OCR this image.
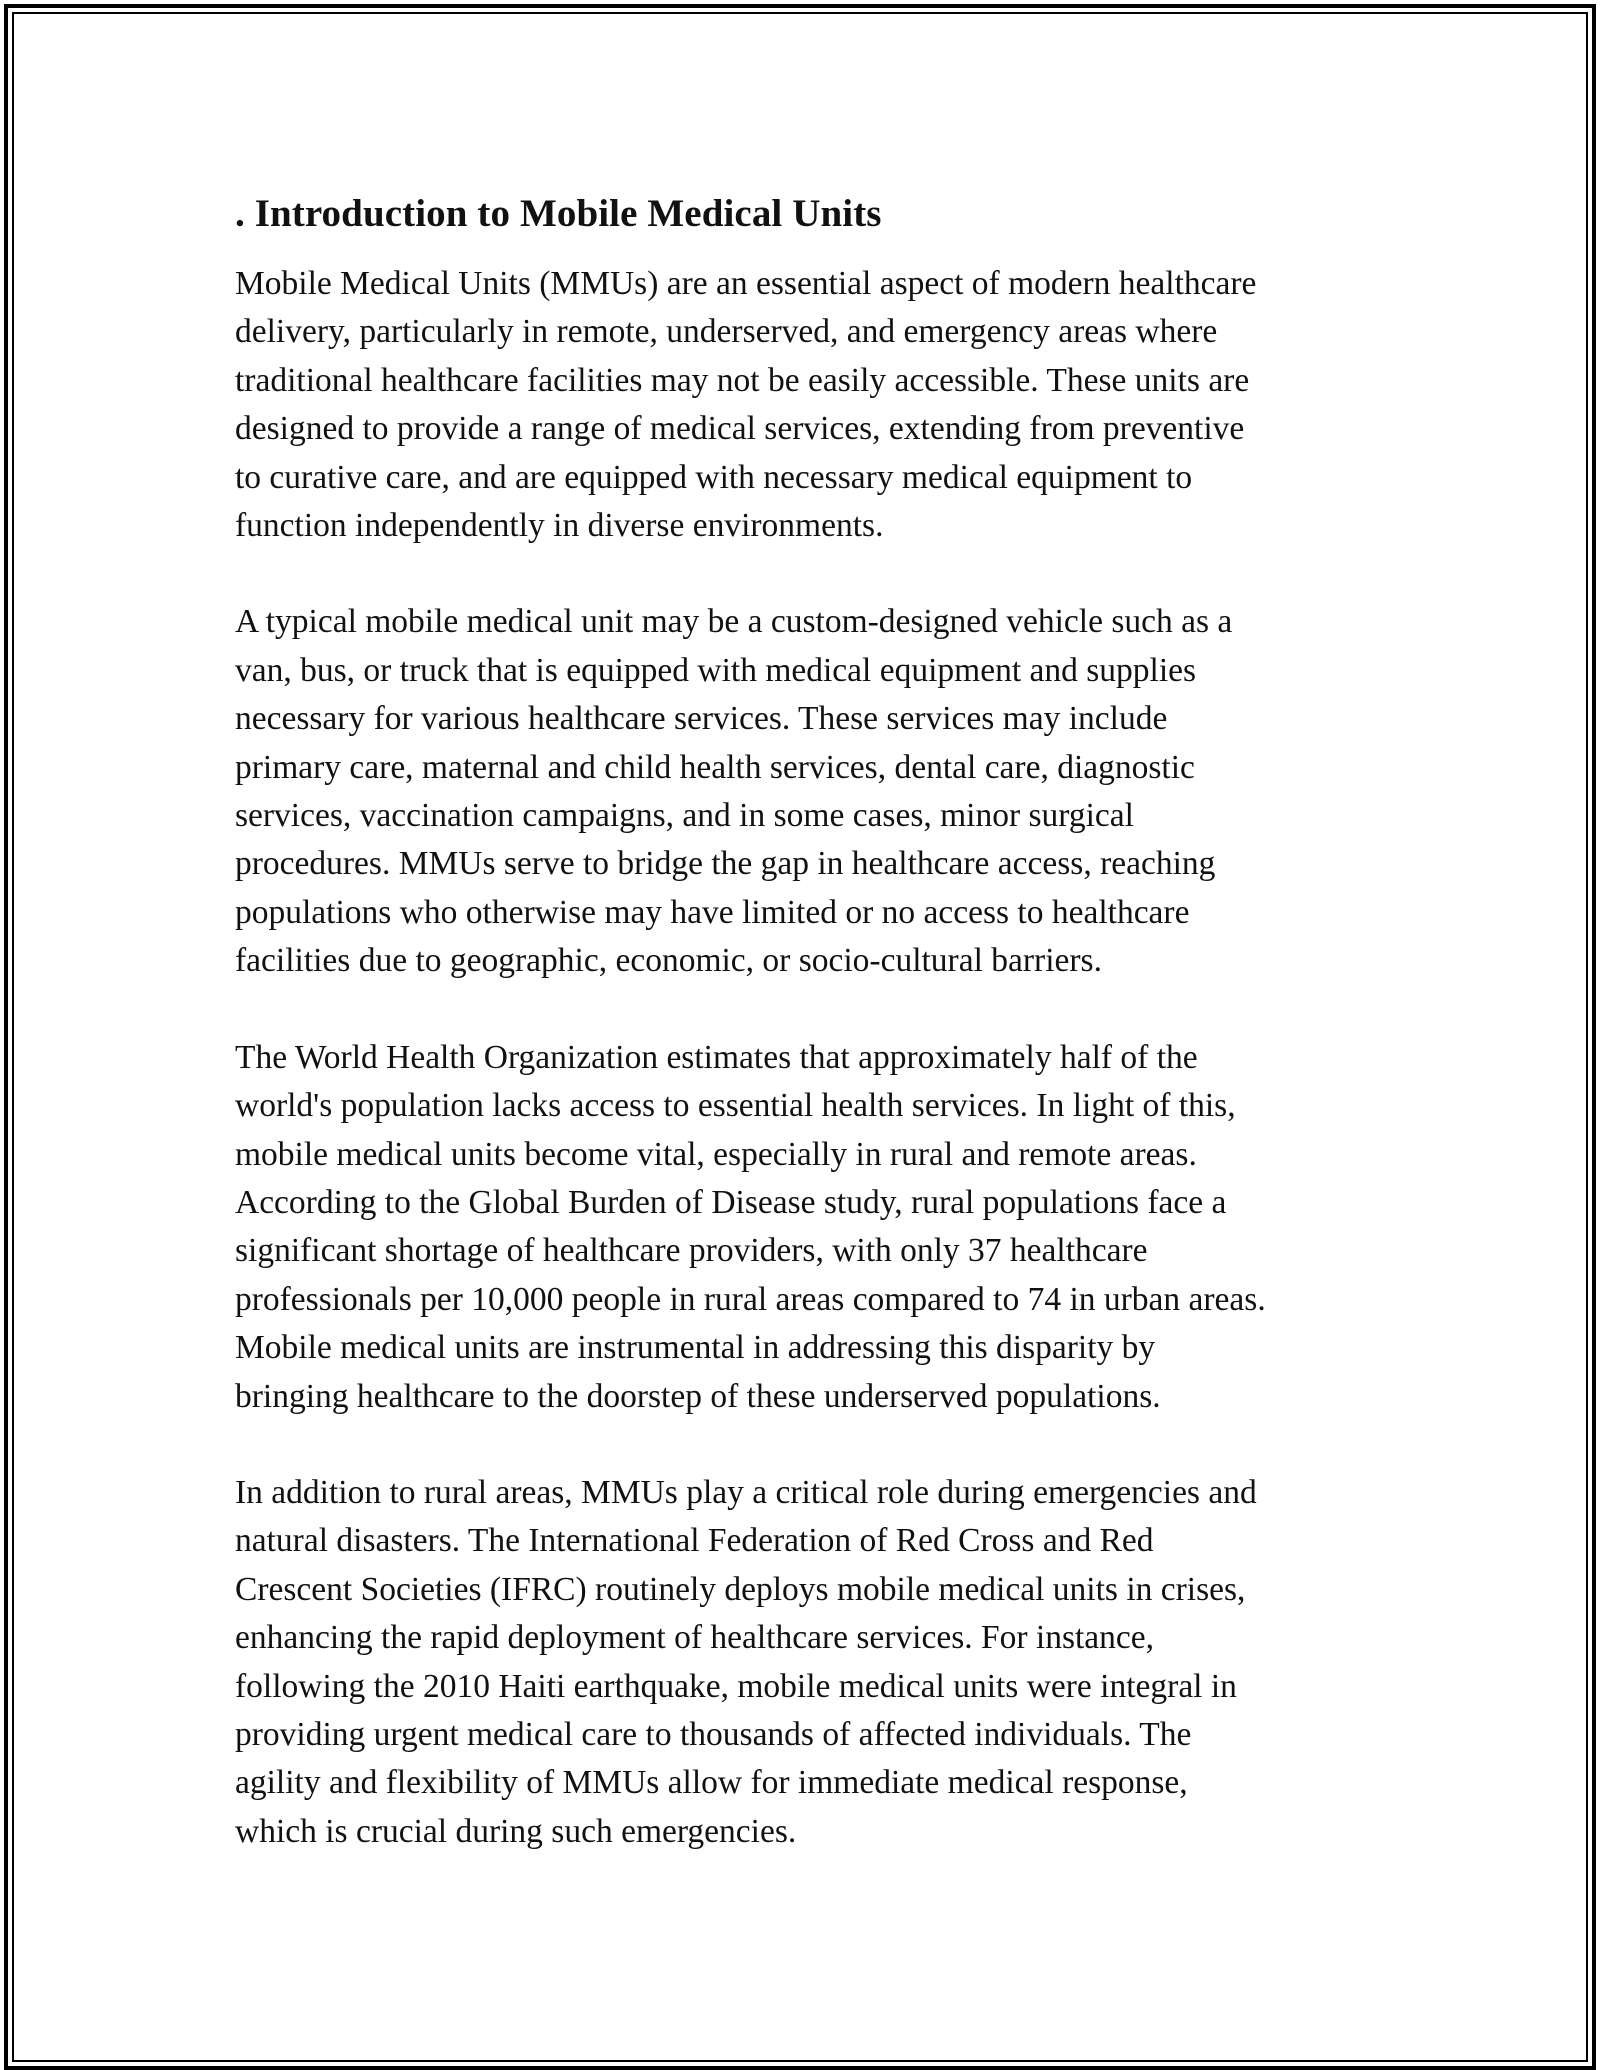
. Introduction to Mobile Medical Units

Mobile Medical Units (MMUs) are an essential aspect of modern healthcare
delivery, particularly in remote, underserved, and emergency areas where
traditional healthcare facilities may not be easily accessible. These units are
designed to provide a range of medical services, extending from preventive
to curative care, and are equipped with necessary medical equipment to
function independently in diverse environments.

A typical mobile medical unit may be a custom-designed vehicle such as a
van, bus, or truck that is equipped with medical equipment and supplies
necessary for various healthcare services. These services may include
primary care, maternal and child health services, dental care, diagnostic
services, vaccination campaigns, and in some cases, minor surgical
procedures. MMUs serve to bridge the gap in healthcare access, reaching
populations who otherwise may have limited or no access to healthcare
facilities due to geographic, economic, or socio-cultural barriers.

The World Health Organization estimates that approximately half of the
world's population lacks access to essential health services. In light of this,
mobile medical units become vital, especially in rural and remote areas.
According to the Global Burden of Disease study, rural populations face a
significant shortage of healthcare providers, with only 37 healthcare
professionals per 10,000 people in rural areas compared to 74 in urban areas.
Mobile medical units are instrumental in addressing this disparity by
bringing healthcare to the doorstep of these underserved populations.

In addition to rural areas, MMUs play a critical role during emergencies and
natural disasters. The International Federation of Red Cross and Red
Crescent Societies (IFRC) routinely deploys mobile medical units in crises,
enhancing the rapid deployment of healthcare services. For instance,
following the 2010 Haiti earthquake, mobile medical units were integral in
providing urgent medical care to thousands of affected individuals. The
agility and flexibility of MMUs allow for immediate medical response,
which is crucial during such emergencies.
